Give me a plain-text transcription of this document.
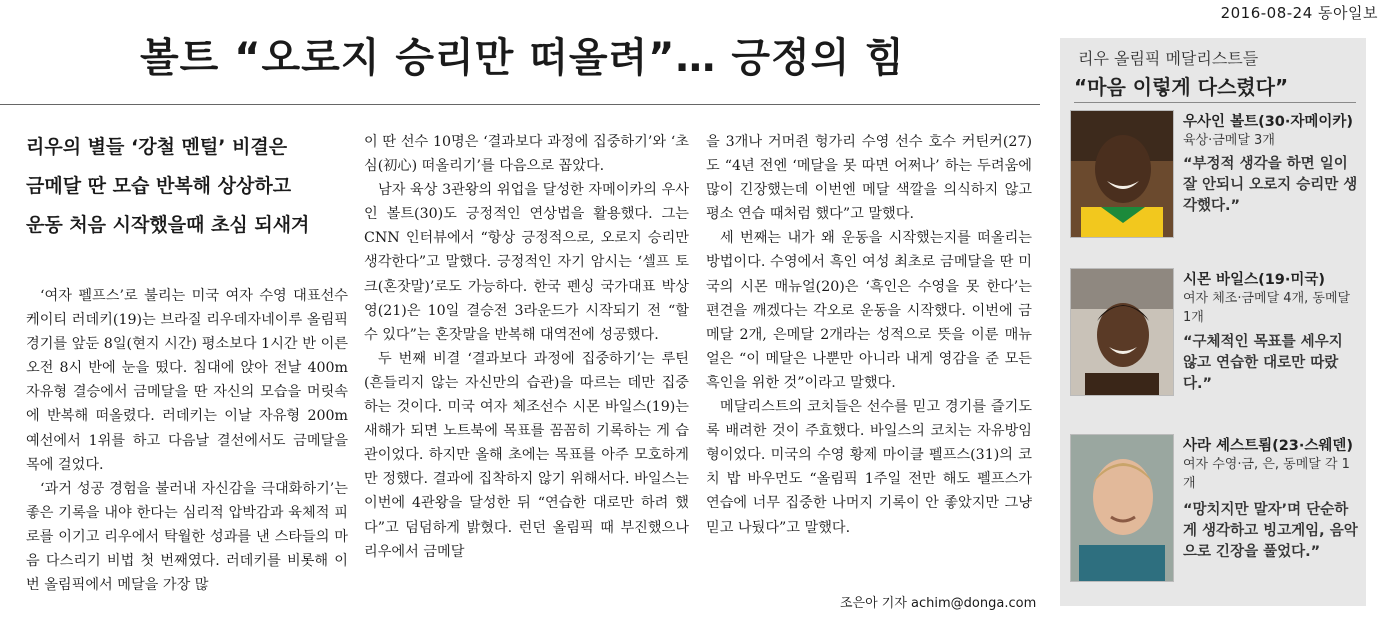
2016-08-24 동아일보
볼트 “오로지 승리만 떠올려”… 긍정의 힘
리우의 별들 ‘강철 멘털’ 비결은
금메달 딴 모습 반복해 상상하고
운동 처음 시작했을때 초심 되새겨

‘여자 펠프스’로 불리는 미국 여자 수영 대표선수 케이티 러데키(19)는 브라질 리우데자네이루 올림픽 경기를 앞둔 8일(현지 시간) 평소보다 1시간 반 이른 오전 8시 반에 눈을 떴다. 침대에 앉아 전날 400m 자유형 결승에서 금메달을 딴 자신의 모습을 머릿속에 반복해 떠올렸다. 러데키는 이날 자유형 200m 예선에서 1위를 하고 다음날 결선에서도 금메달을 목에 걸었다.

‘과거 성공 경험을 불러내 자신감을 극대화하기’는 좋은 기록을 내야 한다는 심리적 압박감과 육체적 피로를 이기고 리우에서 탁월한 성과를 낸 스타들의 마음 다스리기 비법 첫 번째였다. 러데키를 비롯해 이번 올림픽에서 메달을 가장 많

이 딴 선수 10명은 ‘결과보다 과정에 집중하기’와 ‘초심(初心) 떠올리기’를 다음으로 꼽았다.

남자 육상 3관왕의 위업을 달성한 자메이카의 우사인 볼트(30)도 긍정적인 연상법을 활용했다. 그는 CNN 인터뷰에서 “항상 긍정적으로, 오로지 승리만 생각한다”고 말했다. 긍정적인 자기 암시는 ‘셀프 토크(혼잣말)’로도 가능하다. 한국 펜싱 국가대표 박상영(21)은 10일 결승전 3라운드가 시작되기 전 “할 수 있다”는 혼잣말을 반복해 대역전에 성공했다.

두 번째 비결 ‘결과보다 과정에 집중하기’는 루틴(흔들리지 않는 자신만의 습관)을 따르는 데만 집중하는 것이다. 미국 여자 체조선수 시몬 바일스(19)는 새해가 되면 노트북에 목표를 꼼꼼히 기록하는 게 습관이었다. 하지만 올해 초에는 목표를 아주 모호하게만 정했다. 결과에 집착하지 않기 위해서다. 바일스는 이번에 4관왕을 달성한 뒤 “연습한 대로만 하려 했다”고 덤덤하게 밝혔다. 런던 올림픽 때 부진했으나 리우에서 금메달

을 3개나 거머쥔 헝가리 수영 선수 호수 커틴커(27)도 “4년 전엔 ‘메달을 못 따면 어쩌나’ 하는 두려움에 많이 긴장했는데 이번엔 메달 색깔을 의식하지 않고 평소 연습 때처럼 했다”고 말했다.

세 번째는 내가 왜 운동을 시작했는지를 떠올리는 방법이다. 수영에서 흑인 여성 최초로 금메달을 딴 미국의 시몬 매뉴얼(20)은 ‘흑인은 수영을 못 한다’는 편견을 깨겠다는 각오로 운동을 시작했다. 이번에 금메달 2개, 은메달 2개라는 성적으로 뜻을 이룬 매뉴얼은 “이 메달은 나뿐만 아니라 내게 영감을 준 모든 흑인을 위한 것”이라고 말했다.

메달리스트의 코치들은 선수를 믿고 경기를 즐기도록 배려한 것이 주효했다. 바일스의 코치는 자유방임형이었다. 미국의 수영 황제 마이클 펠프스(31)의 코치 밥 바우먼도 “올림픽 1주일 전만 해도 펠프스가 연습에 너무 집중한 나머지 기록이 안 좋았지만 그냥 믿고 나뒀다”고 말했다.

조은아 기자 achim@donga.com
리우 올림픽 메달리스트들
“마음 이렇게 다스렸다”
우사인 볼트(30·자메이카)
육상·금메달 3개
“부정적 생각을 하면 일이 잘 안되니 오로지 승리만 생각했다.”
시몬 바일스(19·미국)
여자 체조·금메달 4개, 동메달 1개
“구체적인 목표를 세우지 않고 연습한 대로만 따랐다.”
사라 셰스트룀(23·스웨덴)
여자 수영·금, 은, 동메달 각 1개
“망치지만 말자’며 단순하게 생각하고 빙고게임, 음악으로 긴장을 풀었다.”
